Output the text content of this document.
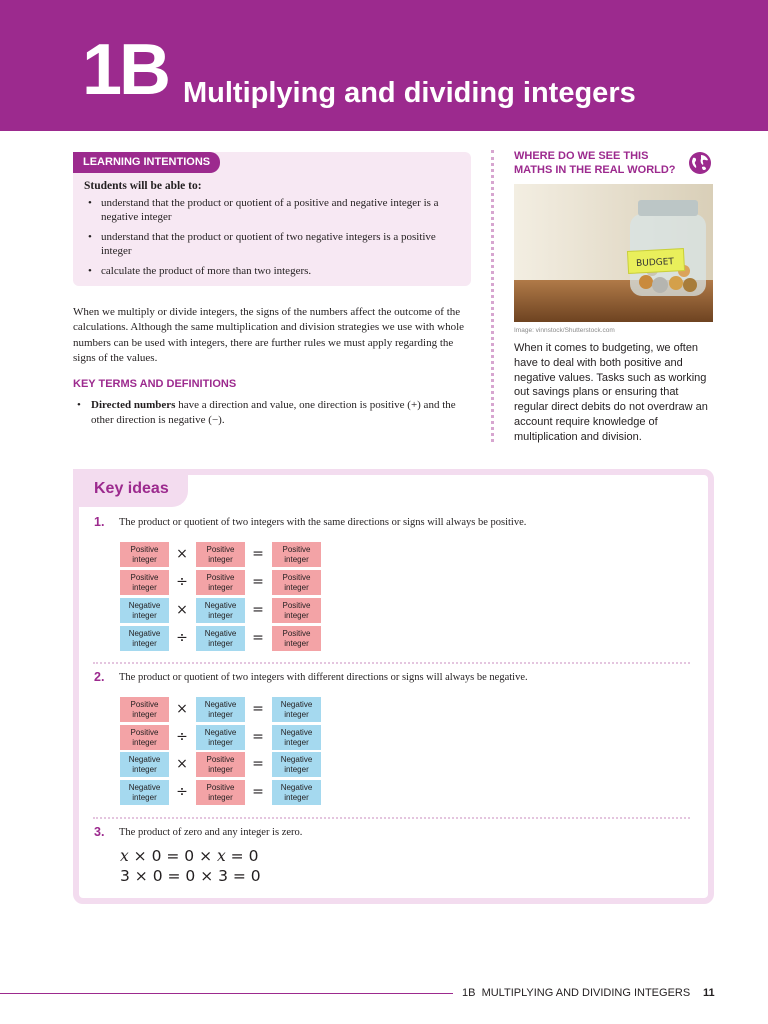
1B Multiplying and dividing integers
LEARNING INTENTIONS
Students will be able to:
• understand that the product or quotient of a positive and negative integer is a negative integer
• understand that the product or quotient of two negative integers is a positive integer
• calculate the product of more than two integers.

When we multiply or divide integers, the signs of the numbers affect the outcome of the calculations. Although the same multiplication and division strategies we use with whole numbers can be used with integers, there are further rules we must apply regarding the signs of the values.

KEY TERMS AND DEFINITIONS
• Directed numbers have a direction and value, one direction is positive (+) and the other direction is negative (−).
WHERE DO WE SEE THIS MATHS IN THE REAL WORLD?
BUDGET
Image: vinnstock/Shutterstock.com

When it comes to budgeting, we often have to deal with both positive and negative values. Tasks such as working out savings plans or ensuring that regular direct debits do not overdraw an account require knowledge of multiplication and division.

Key ideas
1. The product or quotient of two integers with the same directions or signs will always be positive.
Positive integer	×	Positive integer	=	Positive integer
Positive integer	÷	Positive integer	=	Positive integer
Negative integer	×	Negative integer	=	Positive integer
Negative integer	÷	Negative integer	=	Positive integer
2. The product or quotient of two integers with different directions or signs will always be negative.
Positive integer	×	Negative integer	=	Negative integer
Positive integer	÷	Negative integer	=	Negative integer
Negative integer	×	Positive integer	=	Negative integer
Negative integer	÷	Positive integer	=	Negative integer
3. The product of zero and any integer is zero.
x × 0 = 0 × x = 0
3 × 0 = 0 × 3 = 0
1B  MULTIPLYING AND DIVIDING INTEGERS 11
